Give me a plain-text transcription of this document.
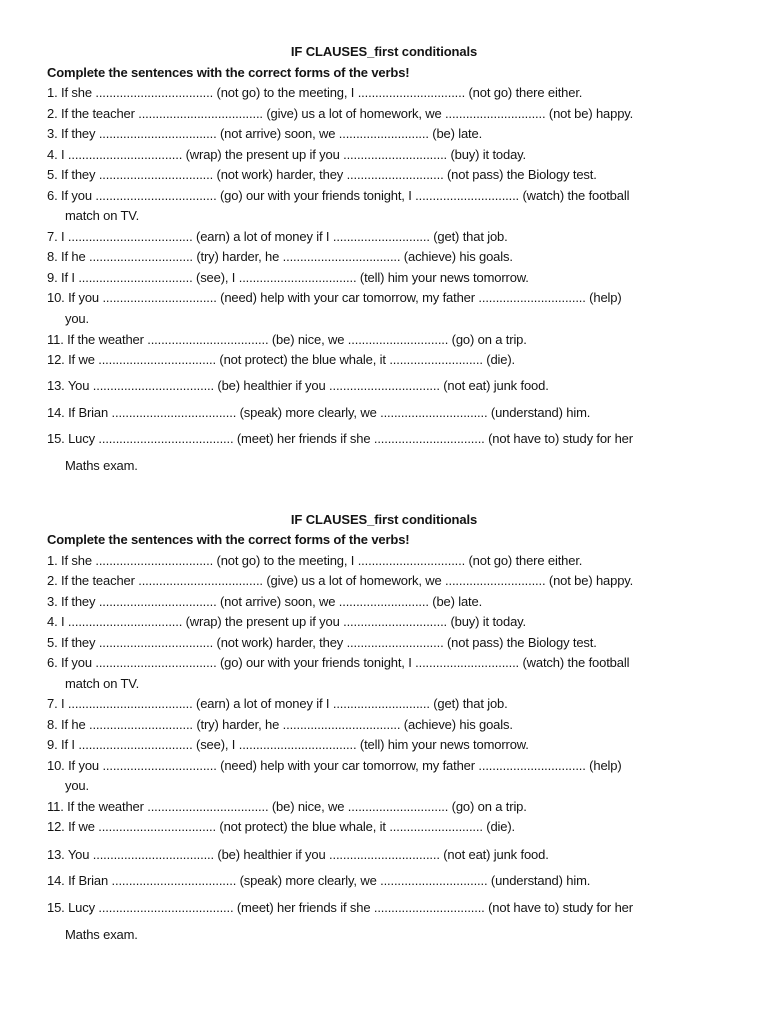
IF CLAUSES_first conditionals
Complete the sentences with the correct forms of the verbs!
1. If she .................................. (not go) to the meeting, I ............................... (not go) there either.
2. If the teacher .................................... (give) us a lot of homework, we ............................. (not be) happy.
3. If they .................................. (not arrive) soon, we .......................... (be) late.
4. I ................................. (wrap) the present up if you .............................. (buy) it today.
5. If they ................................. (not work) harder, they ............................ (not pass) the Biology test.
6. If you ................................... (go) our with your friends tonight, I .............................. (watch) the football
match on TV.
7. I .................................... (earn) a lot of money if I ............................ (get) that job.
8. If he .............................. (try) harder, he .................................. (achieve) his goals.
9. If I ................................. (see), I .................................. (tell) him your news tomorrow.
10. If you ................................. (need) help with your car tomorrow, my father ............................... (help)
you.
11. If the weather ................................... (be) nice, we ............................. (go) on a trip.
12. If we .................................. (not protect) the blue whale, it ........................... (die).
13. You ................................... (be) healthier if you ................................ (not eat) junk food.
14. If Brian .................................... (speak) more clearly, we ............................... (understand) him.
15. Lucy ....................................... (meet) her friends if she ................................ (not have to) study for her
Maths exam.
IF CLAUSES_first conditionals
Complete the sentences with the correct forms of the verbs!
1. If she .................................. (not go) to the meeting, I ............................... (not go) there either.
2. If the teacher .................................... (give) us a lot of homework, we ............................. (not be) happy.
3. If they .................................. (not arrive) soon, we .......................... (be) late.
4. I ................................. (wrap) the present up if you .............................. (buy) it today.
5. If they ................................. (not work) harder, they ............................ (not pass) the Biology test.
6. If you ................................... (go) our with your friends tonight, I .............................. (watch) the football
match on TV.
7. I .................................... (earn) a lot of money if I ............................ (get) that job.
8. If he .............................. (try) harder, he .................................. (achieve) his goals.
9. If I ................................. (see), I .................................. (tell) him your news tomorrow.
10. If you ................................. (need) help with your car tomorrow, my father ............................... (help)
you.
11. If the weather ................................... (be) nice, we ............................. (go) on a trip.
12. If we .................................. (not protect) the blue whale, it ........................... (die).
13. You ................................... (be) healthier if you ................................ (not eat) junk food.
14. If Brian .................................... (speak) more clearly, we ............................... (understand) him.
15. Lucy ....................................... (meet) her friends if she ................................ (not have to) study for her
Maths exam.
